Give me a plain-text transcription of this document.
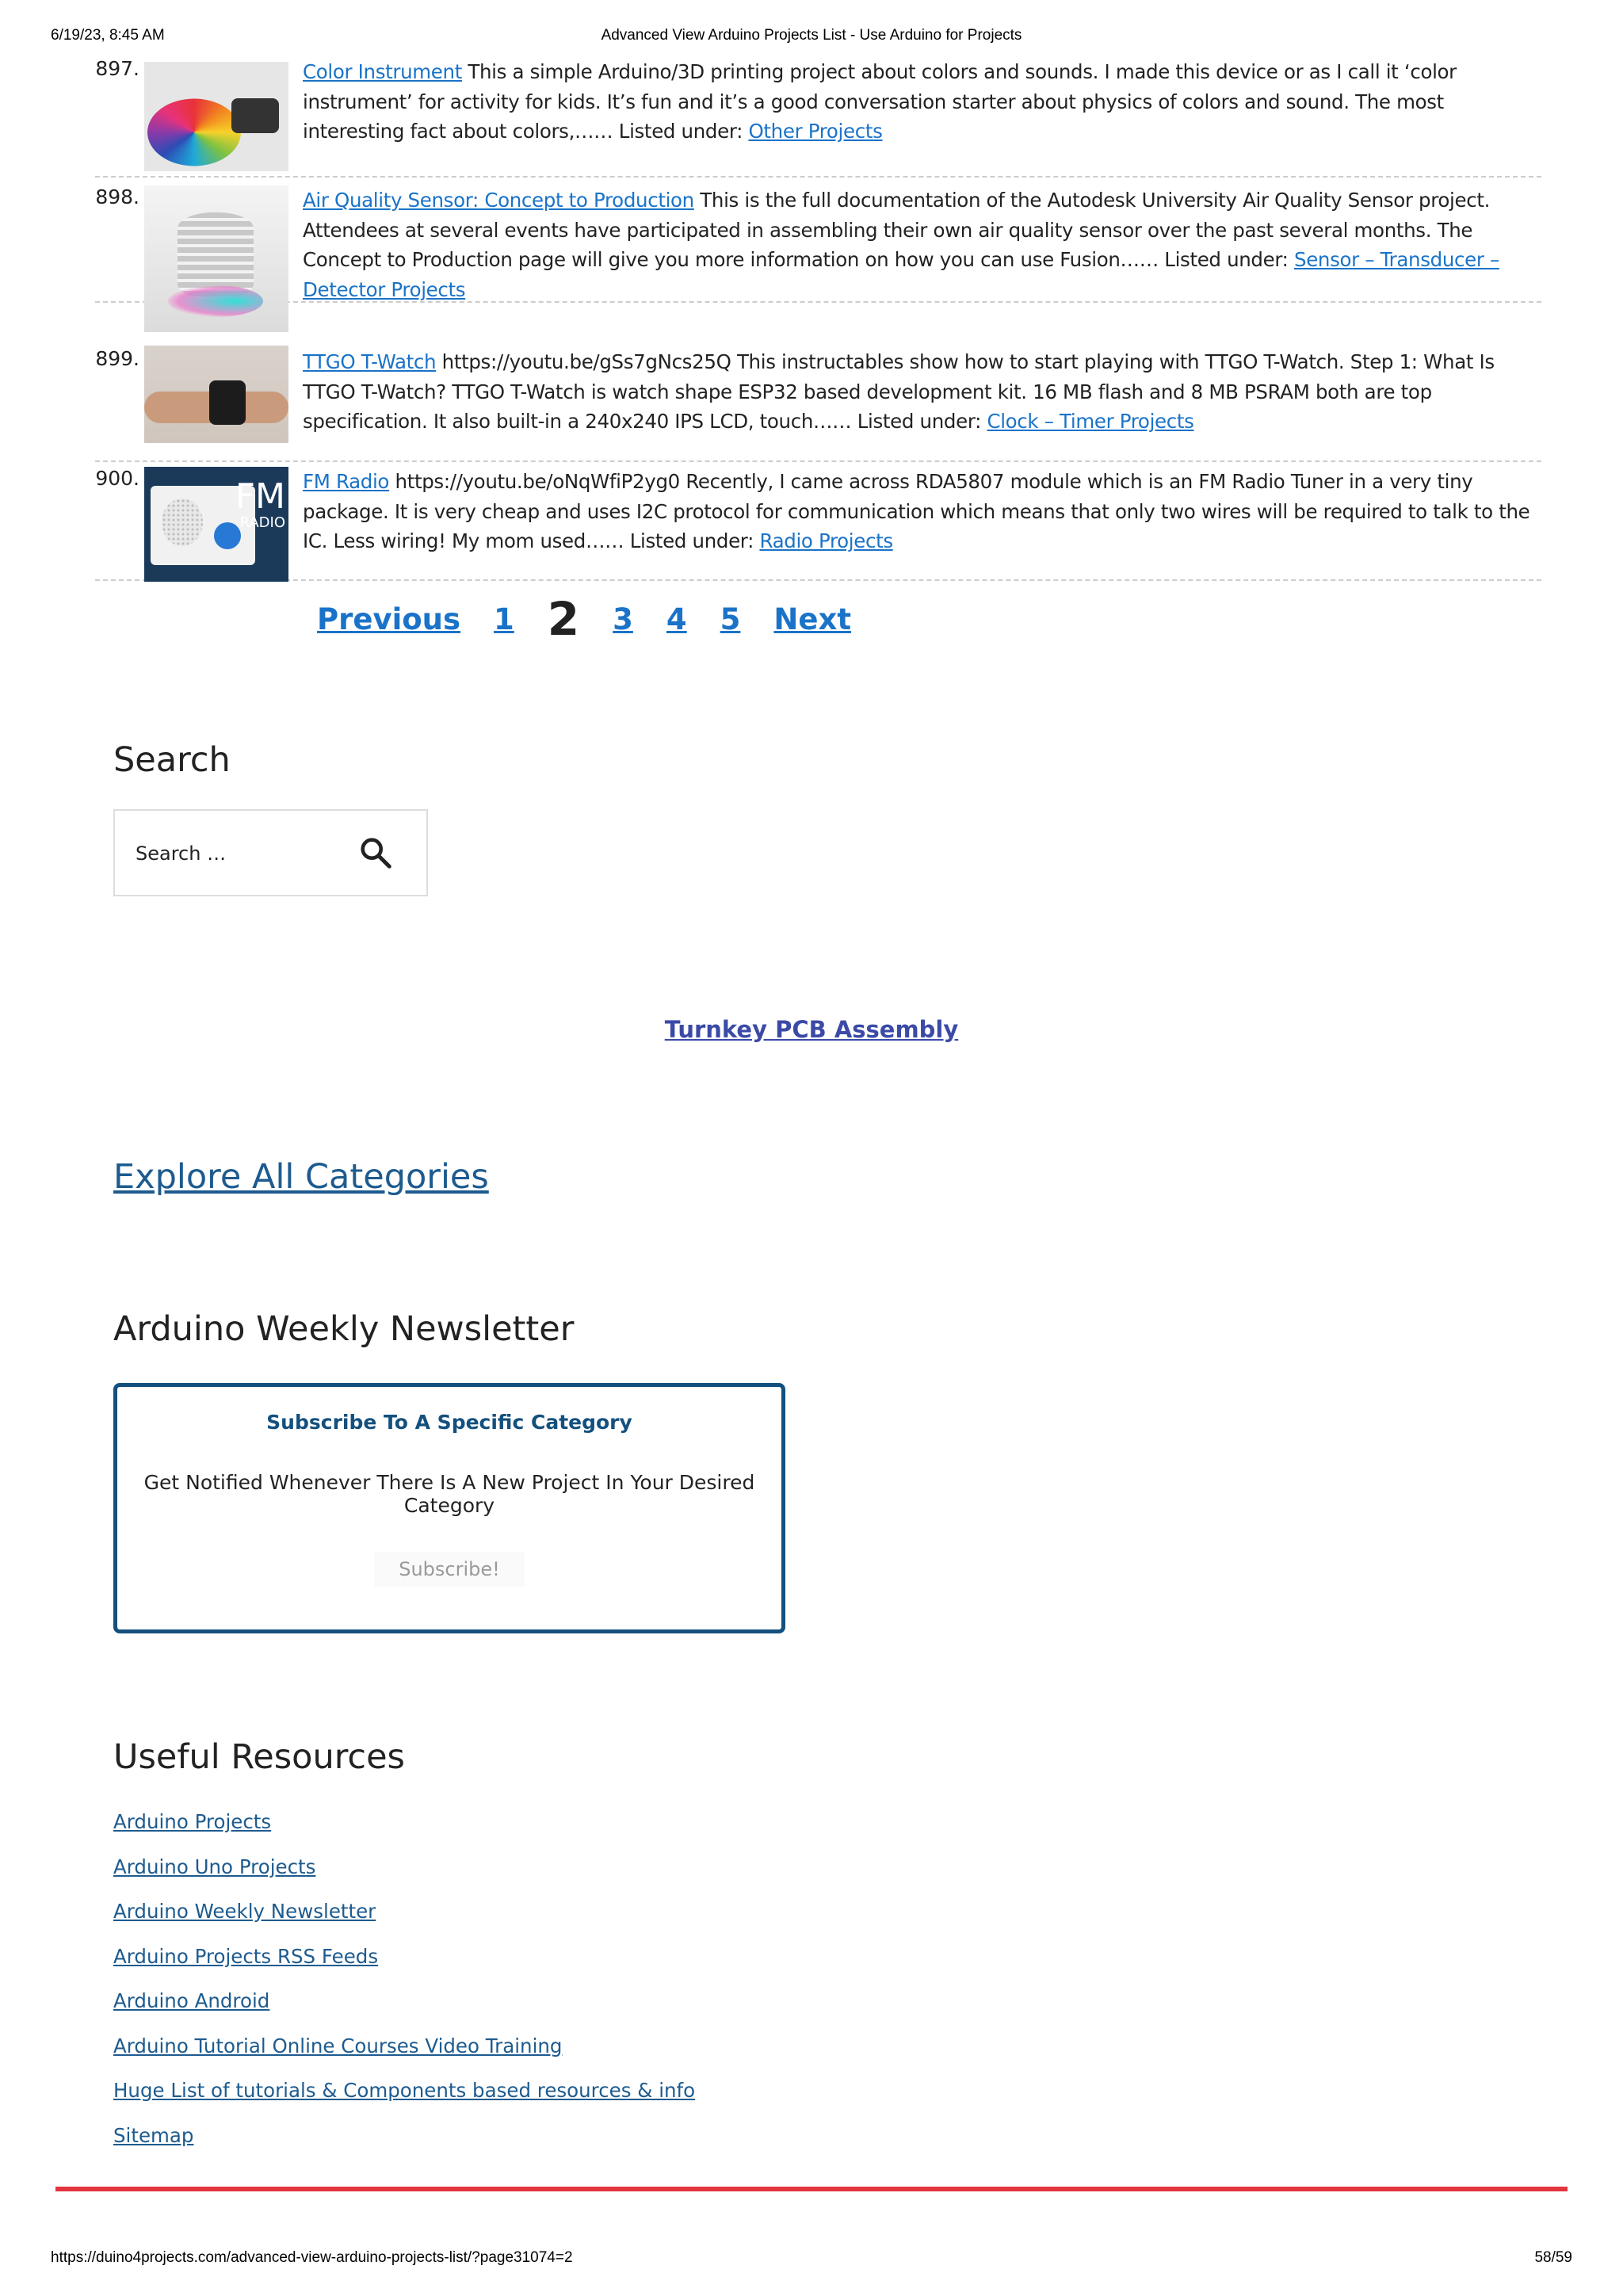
6/19/23, 8:45 AM	Advanced View Arduino Projects List - Use Arduino for Projects
897.	Color Instrument This a simple Arduino/3D printing project about colors and sounds. I made this device or as I call it ‘color instrument’ for activity for kids. It’s fun and it’s a good conversation starter about physics of colors and sound. The most interesting fact about colors,…… Listed under: Other Projects
898.	Air Quality Sensor: Concept to Production This is the full documentation of the Autodesk University Air Quality Sensor project. Attendees at several events have participated in assembling their own air quality sensor over the past several months. The Concept to Production page will give you more information on how you can use Fusion…… Listed under: Sensor – Transducer – Detector Projects
899.	TTGO T-Watch https://youtu.be/gSs7gNcs25Q This instructables show how to start playing with TTGO T-Watch. Step 1: What Is TTGO T-Watch? TTGO T-Watch is watch shape ESP32 based development kit. 16 MB flash and 8 MB PSRAM both are top specification. It also built-in a 240x240 IPS LCD, touch…… Listed under: Clock – Timer Projects
900.	FM
RADIO
FM Radio https://youtu.be/oNqWfiP2yg0 Recently, I came across RDA5807 module which is an FM Radio Tuner in a very tiny package. It is very cheap and uses I2C protocol for communication which means that only two wires will be required to talk to the IC. Less wiring! My mom used…… Listed under: Radio Projects
Previous 1 2 3 4 5 Next
Search
Search …
Turnkey PCB Assembly
Explore All Categories
Arduino Weekly Newsletter
Subscribe To A Specific Category
Get Notified Whenever There Is A New Project In Your Desired Category
Subscribe!
Useful Resources
Arduino Projects
Arduino Uno Projects
Arduino Weekly Newsletter
Arduino Projects RSS Feeds
Arduino Android
Arduino Tutorial Online Courses Video Training
Huge List of tutorials & Components based resources & info
Sitemap
https://duino4projects.com/advanced-view-arduino-projects-list/?page31074=2	58/59
